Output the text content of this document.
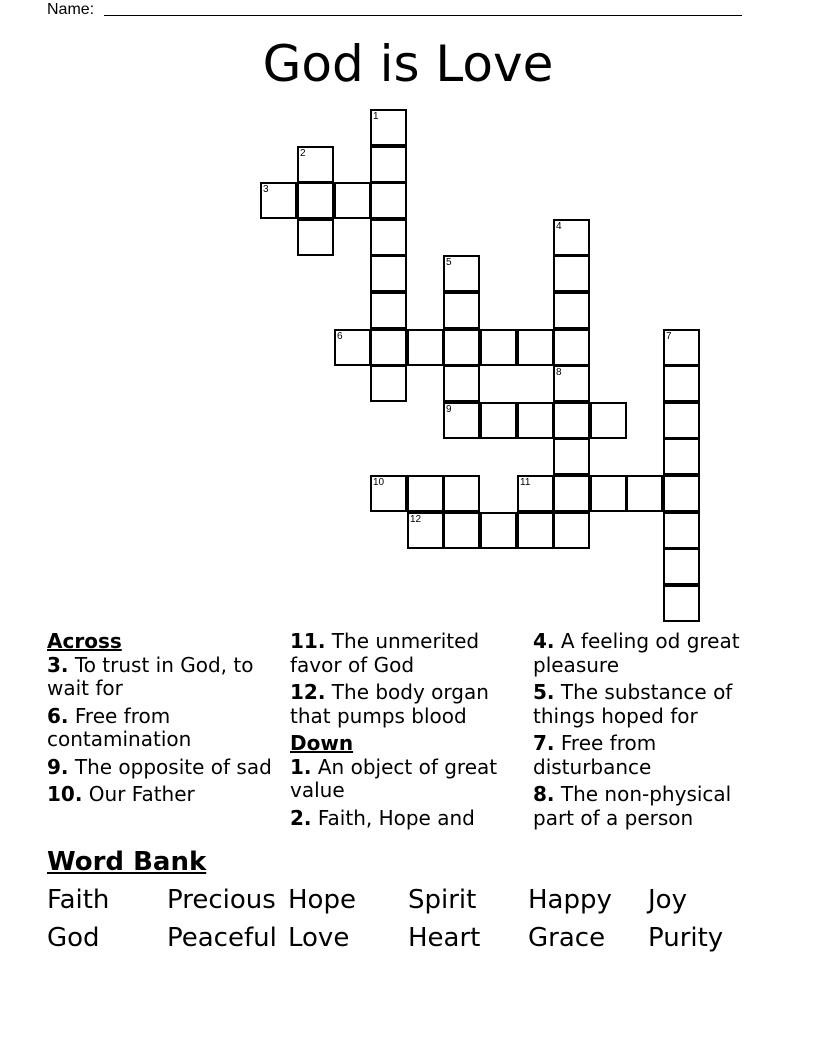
Name:
God is Love
1
2
3
4
5
9
6	7
8
10	11
12
Across
3. To trust in God, to wait for
6. Free from contamination
9. The opposite of sad
10. Our Father
11. The unmerited favor of God
12. The body organ that pumps blood
Down
1. An object of great value
2. Faith, Hope and
4. A feeling od great pleasure
5. The substance of things hoped for
7. Free from disturbance
8. The non-physical part of a person
Word Bank
Faith Precious Hope Spirit Happy Joy
God	Peaceful Love Heart Grace Purity
